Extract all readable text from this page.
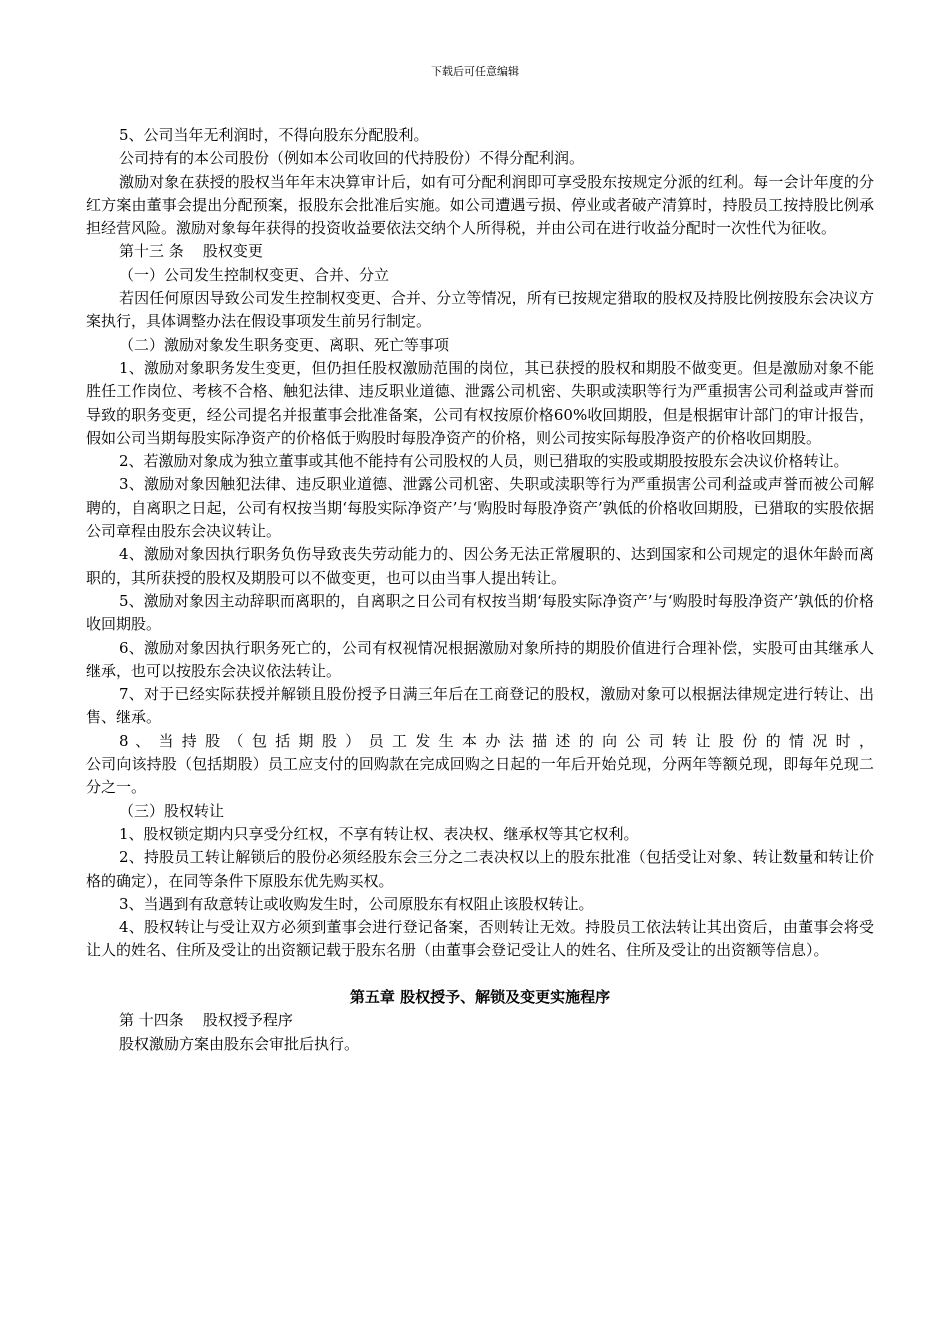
下载后可任意编辑

5、公司当年无利润时，不得向股东分配股利。

公司持有的本公司股份（例如本公司收回的代持股份）不得分配利润。

激励对象在获授的股权当年年末决算审计后，如有可分配利润即可享受股东按规定分派的红利。每一会计年度的分红方案由董事会提出分配预案，报股东会批准后实施。如公司遭遇亏损、停业或者破产清算时，持股员工按持股比例承担经营风险。激励对象每年获得的投资收益要依法交纳个人所得税，并由公司在进行收益分配时一次性代为征收。

第十三 条    股权变更

（一）公司发生控制权变更、合并、分立

若因任何原因导致公司发生控制权变更、合并、分立等情况，所有已按规定猎取的股权及持股比例按股东会决议方案执行，具体调整办法在假设事项发生前另行制定。

（二）激励对象发生职务变更、离职、死亡等事项

1、激励对象职务发生变更，但仍担任股权激励范围的岗位，其已获授的股权和期股不做变更。但是激励对象不能胜任工作岗位、考核不合格、触犯法律、违反职业道德、泄露公司机密、失职或渎职等行为严重损害公司利益或声誉而导致的职务变更，经公司提名并报董事会批准备案，公司有权按原价格60%收回期股，但是根据审计部门的审计报告，假如公司当期每股实际净资产的价格低于购股时每股净资产的价格，则公司按实际每股净资产的价格收回期股。

2、若激励对象成为独立董事或其他不能持有公司股权的人员，则已猎取的实股或期股按股东会决议价格转让。

3、激励对象因触犯法律、违反职业道德、泄露公司机密、失职或渎职等行为严重损害公司利益或声誉而被公司解聘的，自离职之日起，公司有权按当期‘每股实际净资产’与‘购股时每股净资产’孰低的价格收回期股，已猎取的实股依据公司章程由股东会决议转让。

4、激励对象因执行职务负伤导致丧失劳动能力的、因公务无法正常履职的、达到国家和公司规定的退休年龄而离职的，其所获授的股权及期股可以不做变更，也可以由当事人提出转让。

5、激励对象因主动辞职而离职的，自离职之日公司有权按当期‘每股实际净资产’与‘购股时每股净资产’孰低的价格收回期股。

6、激励对象因执行职务死亡的，公司有权视情况根据激励对象所持的期股价值进行合理补偿，实股可由其继承人继承，也可以按股东会决议依法转让。

7、对于已经实际获授并解锁且股份授予日满三年后在工商登记的股权，激励对象可以根据法律规定进行转让、出售、继承。

8 、 当 持 股 （ 包 括 期 股 ） 员 工 发 生 本 办 法 描 述 的 向 公 司 转 让 股 份 的 情 况 时 ，

公司向该持股（包括期股）员工应支付的回购款在完成回购之日起的一年后开始兑现，分两年等额兑现，即每年兑现二分之一。

（三）股权转让

1、股权锁定期内只享受分红权，不享有转让权、表决权、继承权等其它权利。

2、持股员工转让解锁后的股份必须经股东会三分之二表决权以上的股东批准（包括受让对象、转让数量和转让价格的确定），在同等条件下原股东优先购买权。

3、当遇到有敌意转让或收购发生时，公司原股东有权阻止该股权转让。

4、股权转让与受让双方必须到董事会进行登记备案，否则转让无效。持股员工依法转让其出资后，由董事会将受让人的姓名、住所及受让的出资额记载于股东名册（由董事会登记受让人的姓名、住所及受让的出资额等信息）。

第五章 股权授予、解锁及变更实施程序

第 十四条    股权授予程序

股权激励方案由股东会审批后执行。
